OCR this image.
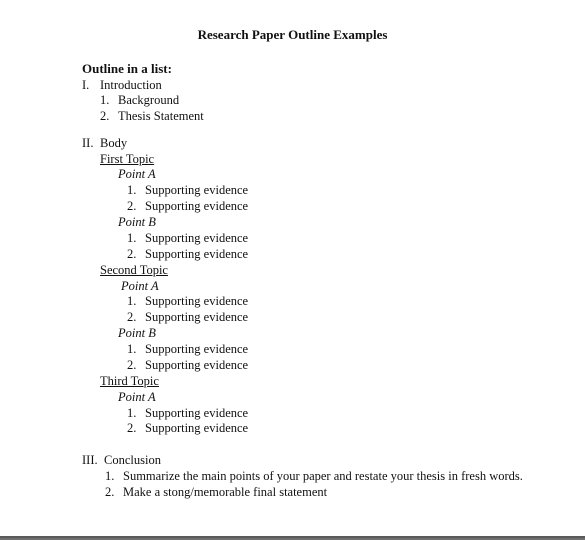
Research Paper Outline Examples
Outline in a list:
I. Introduction
1. Background
2. Thesis Statement
II. Body
First Topic
Point A
1. Supporting evidence
2. Supporting evidence
Point B
1. Supporting evidence
2. Supporting evidence
Second Topic
Point A
1. Supporting evidence
2. Supporting evidence
Point B
1. Supporting evidence
2. Supporting evidence
Third Topic
Point A
1. Supporting evidence
2. Supporting evidence
III. Conclusion
1. Summarize the main points of your paper and restate your thesis in fresh words.
2. Make a stong/memorable final statement
